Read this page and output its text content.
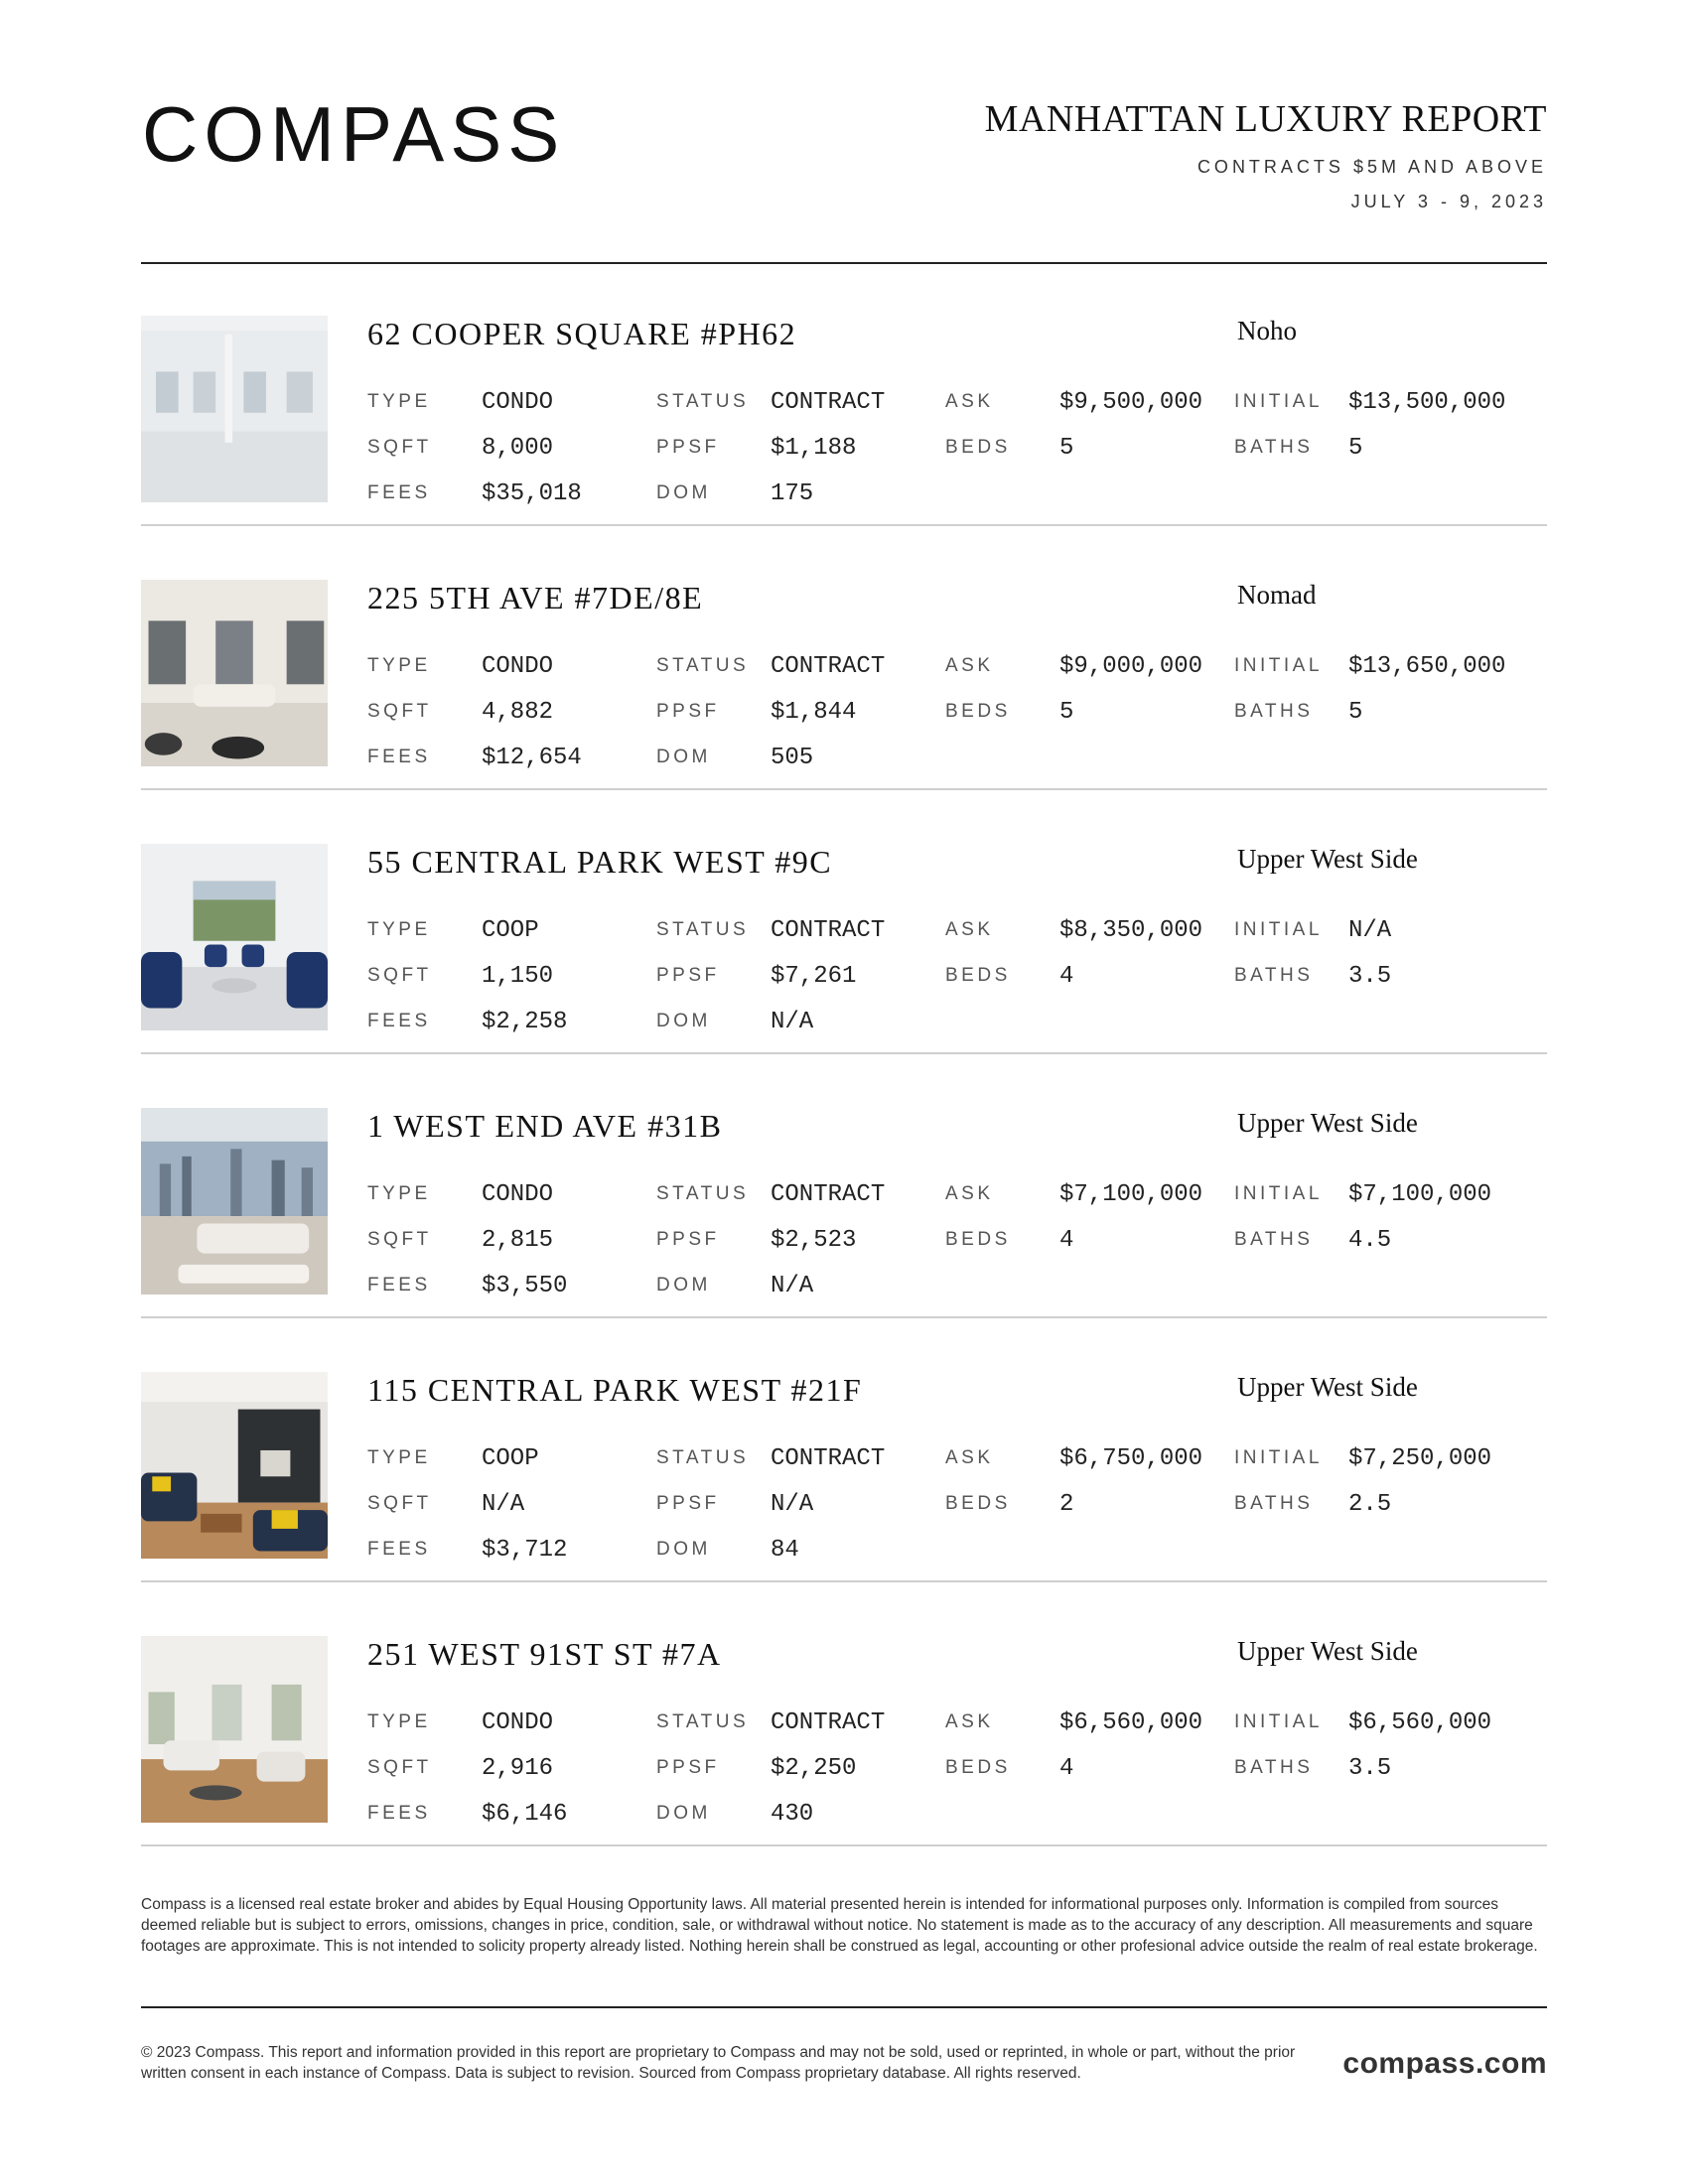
COMPASS	MANHATTAN LUXURY REPORT
CONTRACTS $5M AND ABOVE
JULY 3 - 9, 2023
62 COOPER SQUARE #PH62	Noho
TYPE	CONDO	STATUS CONTRACT	ASK	$9,500,000	INITIAL	$13,500,000
SQFT	8,000	PPSF	$1,188	BEDS	5	BATHS	5
FEES	$35,018	DOM	175
225 5TH AVE #7DE/8E	Nomad
TYPE	CONDO	STATUS CONTRACT	ASK	$9,000,000	INITIAL	$13,650,000
SQFT	4,882	PPSF	$1,844	BEDS	5	BATHS	5
FEES	$12,654	DOM	505
55 CENTRAL PARK WEST #9C	Upper West Side
TYPE	COOP	STATUS CONTRACT	ASK	$8,350,000	INITIAL	N/A
SQFT	1,150	PPSF	$7,261	BEDS	4	BATHS	3.5
FEES	$2,258	DOM	N/A
1 WEST END AVE #31B	Upper West Side
TYPE	CONDO	STATUS CONTRACT	ASK	$7,100,000	INITIAL	$7,100,000
SQFT	2,815	PPSF	$2,523	BEDS	4	BATHS	4.5
FEES	$3,550	DOM	N/A
115 CENTRAL PARK WEST #21F	Upper West Side
TYPE	COOP	STATUS CONTRACT	ASK	$6,750,000	INITIAL	$7,250,000
SQFT	N/A	PPSF	N/A	BEDS	2	BATHS	2.5
FEES	$3,712	DOM	84
251 WEST 91ST ST #7A	Upper West Side
TYPE	CONDO	STATUS CONTRACT	ASK	$6,560,000	INITIAL	$6,560,000
SQFT	2,916	PPSF	$2,250	BEDS	4	BATHS	3.5
FEES	$6,146	DOM	430
Compass is a licensed real estate broker and abides by Equal Housing Opportunity laws. All material presented herein is intended for informational purposes only. Information is compiled from sources deemed reliable but is subject to errors, omissions, changes in price, condition, sale, or withdrawal without notice. No statement is made as to the accuracy of any description. All measurements and square footages are approximate. This is not intended to solicity property already listed. Nothing herein shall be construed as legal, accounting or other profesional advice outside the realm of real estate brokerage.
© 2023 Compass. This report and information provided in this report are proprietary to Compass and may not be sold, used or reprinted, in whole or part, without the prior written consent in each instance of Compass. Data is subject to revision. Sourced from Compass proprietary database. All rights reserved.	compass.com
